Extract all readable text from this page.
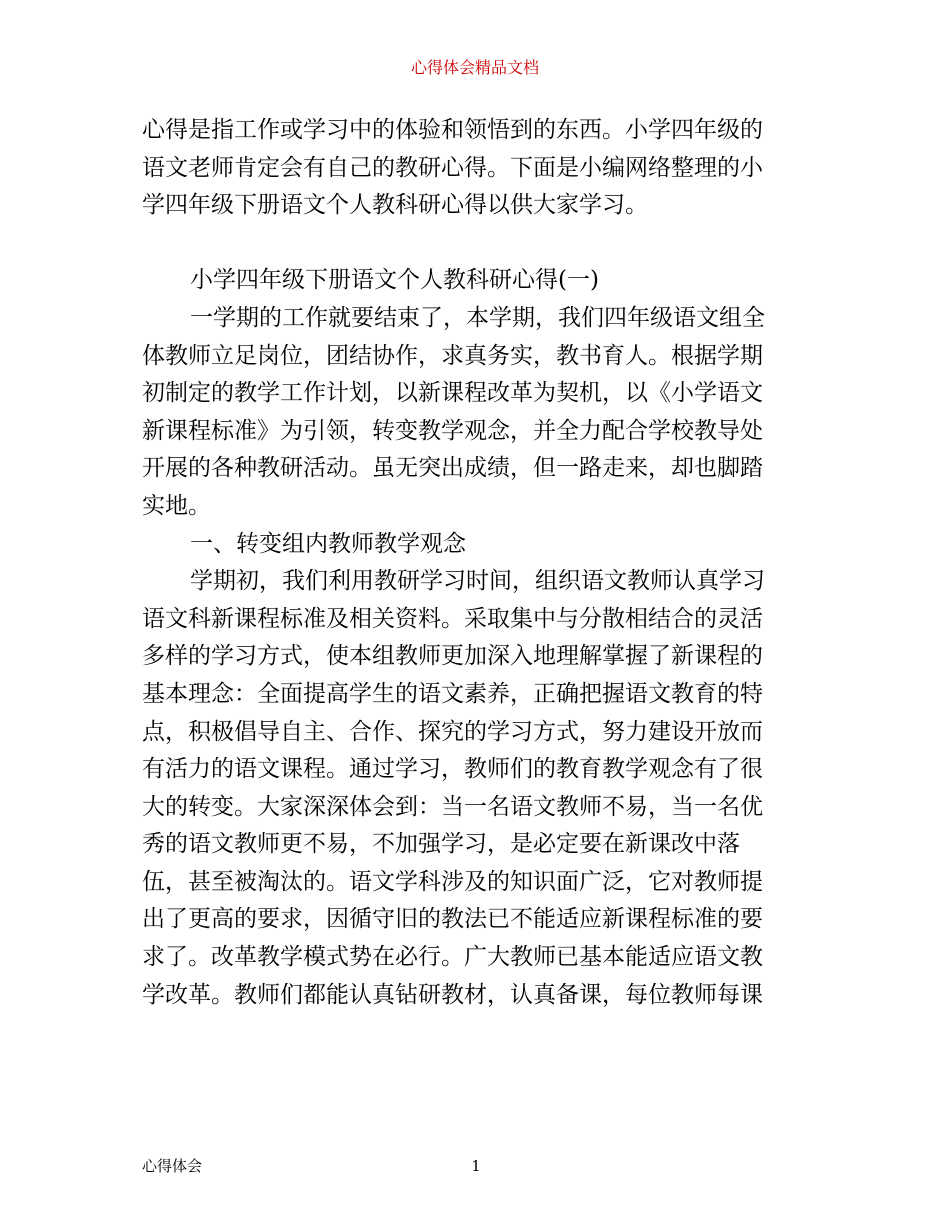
心得体会精品文档
心得是指工作或学习中的体验和领悟到的东西。小学四年级的
语文老师肯定会有自己的教研心得。下面是小编网络整理的小
学四年级下册语文个人教科研心得以供大家学习。
小学四年级下册语文个人教科研心得(一)
一学期的工作就要结束了，本学期，我们四年级语文组全
体教师立足岗位，团结协作，求真务实，教书育人。根据学期
初制定的教学工作计划，以新课程改革为契机，以《小学语文
新课程标准》为引领，转变教学观念，并全力配合学校教导处
开展的各种教研活动。虽无突出成绩，但一路走来，却也脚踏
实地。
一、转变组内教师教学观念
学期初，我们利用教研学习时间，组织语文教师认真学习
语文科新课程标准及相关资料。采取集中与分散相结合的灵活
多样的学习方式，使本组教师更加深入地理解掌握了新课程的
基本理念：全面提高学生的语文素养，正确把握语文教育的特
点，积极倡导自主、合作、探究的学习方式，努力建设开放而
有活力的语文课程。通过学习，教师们的教育教学观念有了很
大的转变。大家深深体会到：当一名语文教师不易，当一名优
秀的语文教师更不易，不加强学习，是必定要在新课改中落
伍，甚至被淘汰的。语文学科涉及的知识面广泛，它对教师提
出了更高的要求，因循守旧的教法已不能适应新课程标准的要
求了。改革教学模式势在必行。广大教师已基本能适应语文教
学改革。教师们都能认真钻研教材，认真备课，每位教师每课
心得体会	1
